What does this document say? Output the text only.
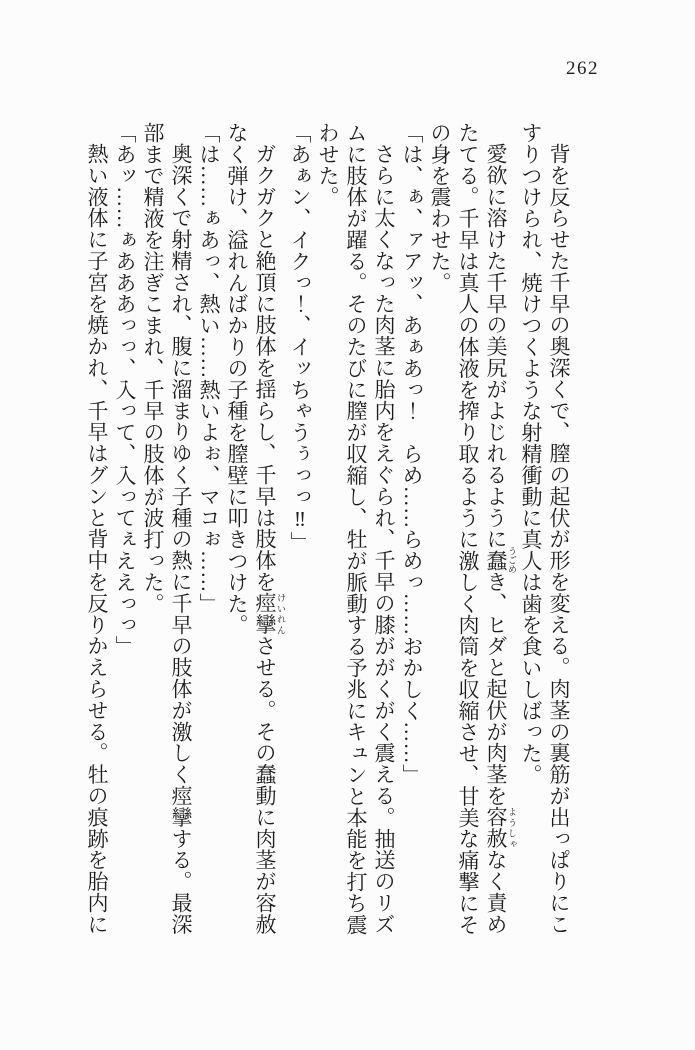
262
背を反らせた千早の奥深くで、膣の起伏が形を変える。肉茎の裏筋が出っぱりにこ
すりつけられ、焼けつくような射精衝動に真人は歯を食いしばった。
愛欲に溶けた千早の美尻がよじれるように蠢 うごめき、ヒダと起伏が肉茎を容赦 ようしゃなく責め
たてる。千早は真人の体液を搾り取るように激しく肉筒を収縮させ、甘美な痛撃にそ
の身を震わせた。
「は、ぁ、ァアッ、あぁあっ！　らめ……らめっ……おかしく……」
さらに太くなった肉茎に胎内をえぐられ、千早の膝ががくがく震える。抽送のリズ
ムに肢体が躍る。そのたびに膣が収縮し、牡が脈動する予兆にキュンと本能を打ち震
わせた。
「あぁン、イクっ！、イッちゃうぅっっ‼」
ガクガクと絶頂に肢体を揺らし、千早は肢体を痙攣 けいれんさせる。その蠢動に肉茎が容赦
なく弾け、溢れんばかりの子種を膣壁に叩きつけた。
「は……ぁあっ、熱い……熱いよぉ、マコぉ……」
奥深くで射精され、腹に溜まりゆく子種の熱に千早の肢体が激しく痙攣する。最深
部まで精液を注ぎこまれ、千早の肢体が波打った。
「あッ……ぁあああっっ、入って、入ってぇええっっ」
熱い液体に子宮を焼かれ、千早はグンと背中を反りかえらせる。牡の痕跡を胎内に
